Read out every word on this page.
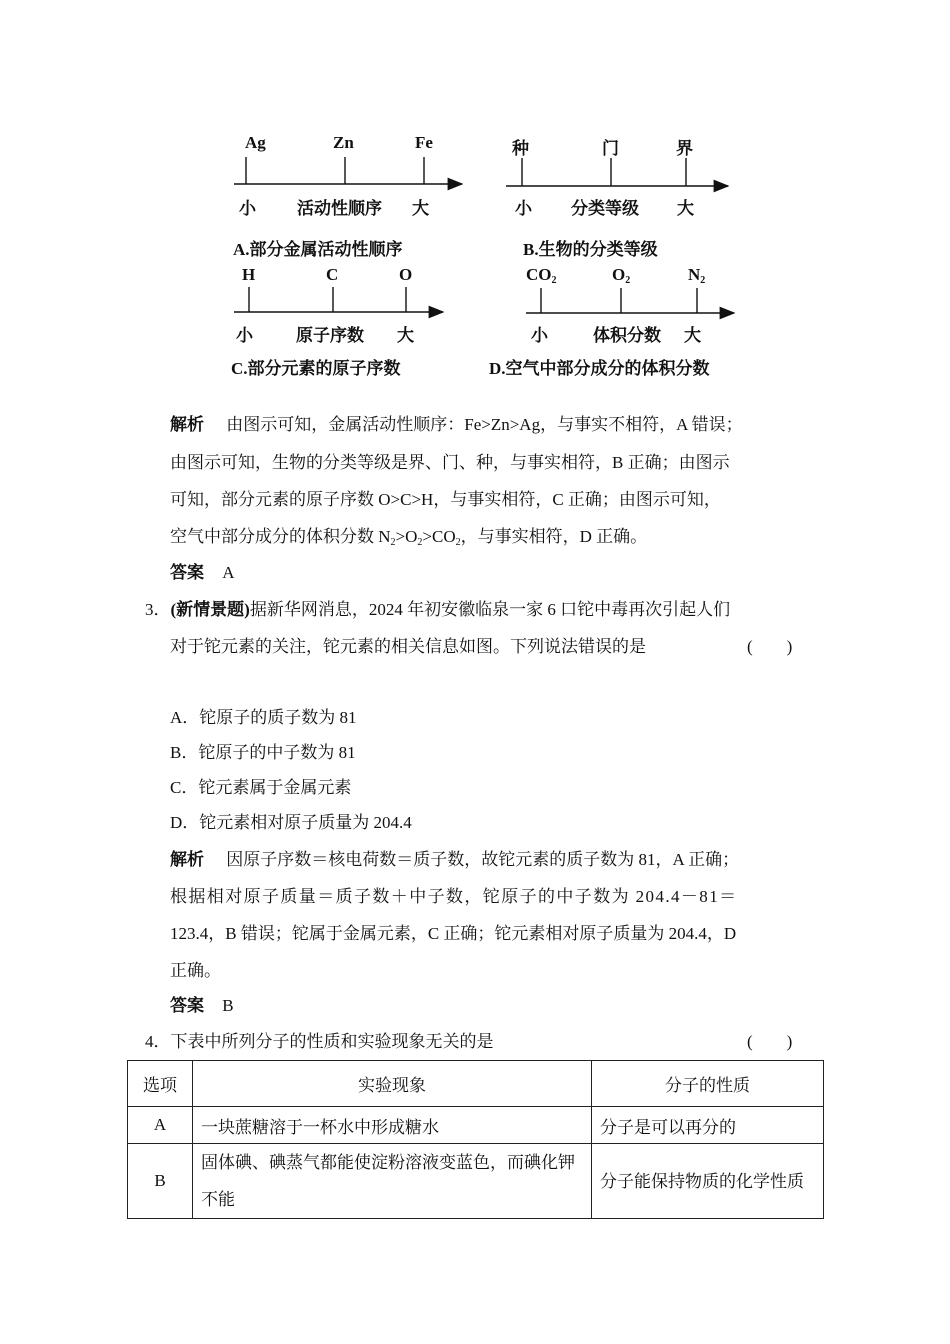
Ag	Zn	Fe
小 活动性顺序 大
A.部分金属活动性顺序
种	门	界
小 分类等级 大
B.生物的分类等级
H	C	O
小	原子序数 大
C.部分元素的原子序数
$CO_2$	$O_2$	$N_2$
小	体积分数 大
D.空气中部分成分的体积分数
解析 由图示可知，金属活动性顺序：Fe>Zn>Ag，与事实不相符，A 错误；
由图示可知，生物的分类等级是界、门、种，与事实相符，B 正确；由图示
可知，部分元素的原子序数 O>C>H，与事实相符，C 正确；由图示可知，
空气中部分成分的体积分数 $N_2>O_2>CO_2$，与事实相符，D 正确。
答案 A
3．(新情景题)据新华网消息，2024 年初安徽临泉一家 6 口铊中毒再次引起人们
对于铊元素的关注，铊元素的相关信息如图。下列说法错误的是	(　　)
A．铊原子的质子数为 81
B．铊原子的中子数为 81
C．铊元素属于金属元素
D．铊元素相对原子质量为 204.4
解析 因原子序数＝核电荷数＝质子数，故铊元素的质子数为 81，A 正确；
根据相对原子质量＝质子数＋中子数，铊原子的中子数为 204.4－81＝
123.4，B 错误；铊属于金属元素，C 正确；铊元素相对原子质量为 204.4，D
正确。
答案 B
4．下表中所列分子的性质和实验现象无关的是	(　　)
选项	实验现象	分子的性质
A	一块蔗糖溶于一杯水中形成糖水	分子是可以再分的
B	固体碘、碘蒸气都能使淀粉溶液变蓝色，而碘化钾不能	分子能保持物质的化学性质
